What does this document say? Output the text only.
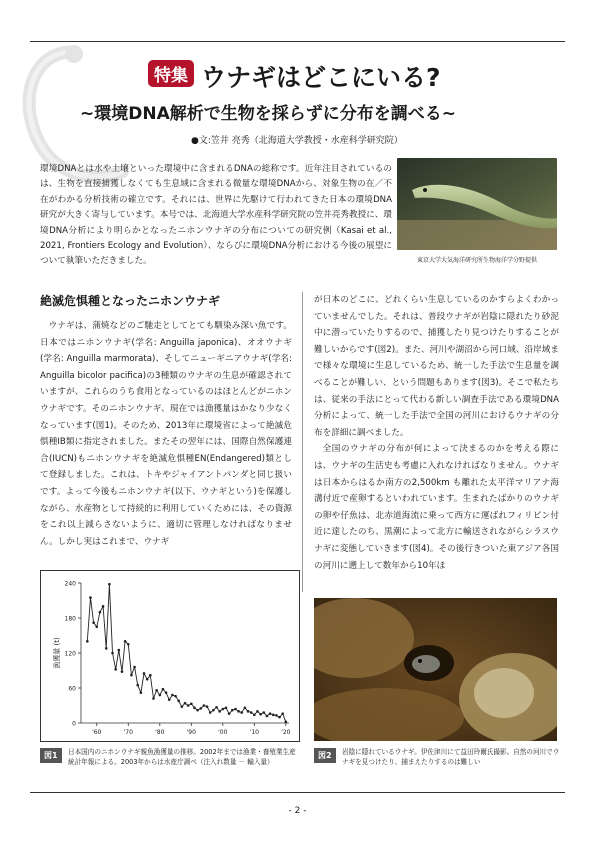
特集 ウナギはどこにいる?
~環境DNA解析で生物を採らずに分布を調べる~
●文:笠井 亮秀（北海道大学教授・水産科学研究院）

環境DNAとは水や土壌といった環境中に含まれるDNAの総称です。近年注目されているのは、生物を直接捕獲しなくても生息域に含まれる微量な環境DNAから、対象生物の在／不在がわかる分析技術の確立です。それには、世界に先駆けて行われてきた日本の環境DNA研究が大きく寄与しています。本号では、北海道大学水産科学研究院の笠井亮秀教授に、環境DNA分析により明らかとなったニホンウナギの分布についての研究例（Kasai et al., 2021, Frontiers Ecology and Evolution）、ならびに環境DNA分析における今後の展望について執筆いただきました。	東京大学大気海洋研究所生物海洋学分野提供
絶滅危惧種となったニホンウナギ

ウナギは、蒲焼などのご馳走としてとても馴染み深い魚です。日本ではニホンウナギ(学名: Anguilla japonica)、オオウナギ(学名: Anguilla marmorata)、そしてニューギニアウナギ(学名: Anguilla bicolor pacifica)の3種類のウナギの生息が確認されていますが、これらのうち食用となっているのはほとんどがニホンウナギです。そのニホンウナギ、現在では漁獲量はかなり少なくなっています(図1)。そのため、2013年に環境省によって絶滅危惧種IB類に指定されました。またその翌年には、国際自然保護連合(IUCN)もニホンウナギを絶滅危惧種EN(Endangered)類として登録しました。これは、トキやジャイアントパンダと同じ扱いです。よって今後もニホンウナギ(以下、ウナギという)を保護しながら、水産物として持続的に利用していくためには、その資源をこれ以上減らさないように、適切に管理しなければなりません。しかし実はこれまで、ウナギ

が日本のどこに、どれくらい生息しているのかすらよくわかっていませんでした。それは、普段ウナギが岩陰に隠れたり砂泥中に潜っていたりするので、捕獲したり見つけたりすることが難しいからです(図2)。また、河川や湖沼から河口域、沿岸域まで様々な環境に生息しているため、統一した手法で生息量を調べることが難しい、という問題もあります(図3)。そこで私たちは、従来の手法にとって代わる新しい調査手法である環境DNA分析によって、統一した手法で全国の河川におけるウナギの分布を詳細に調べました。

全国のウナギの分布が何によって決まるのかを考える際には、ウナギの生活史も考慮に入れなければなりません。ウナギは日本からはるか南方の2,500km も離れた太平洋マリアナ海溝付近で産卵するといわれています。生まれたばかりのウナギの卵や仔魚は、北赤道海流に乗って西方に運ばれフィリピン付近に達したのち、黒潮によって北方に輸送されながらシラスウナギに変態していきます(図4)。その後行きついた東アジア各国の河川に遡上して数年から10年ほ

0
60
120
180
240
'60	'70	'80	'90	'00	'10	'20
漁獲量 (t)
図1	日本国内のニホンウナギ親魚漁獲量の推移。2002年までは漁業・養殖業生産統計年報による。2003年からは水産庁調べ（注入れ数量 － 輸入量）
図2	岩陰に隠れているウナギ。伊佐津川にて益田玲爾氏撮影。自然の河川でウナギを見つけたり、捕まえたりするのは難しい
- 2 -
